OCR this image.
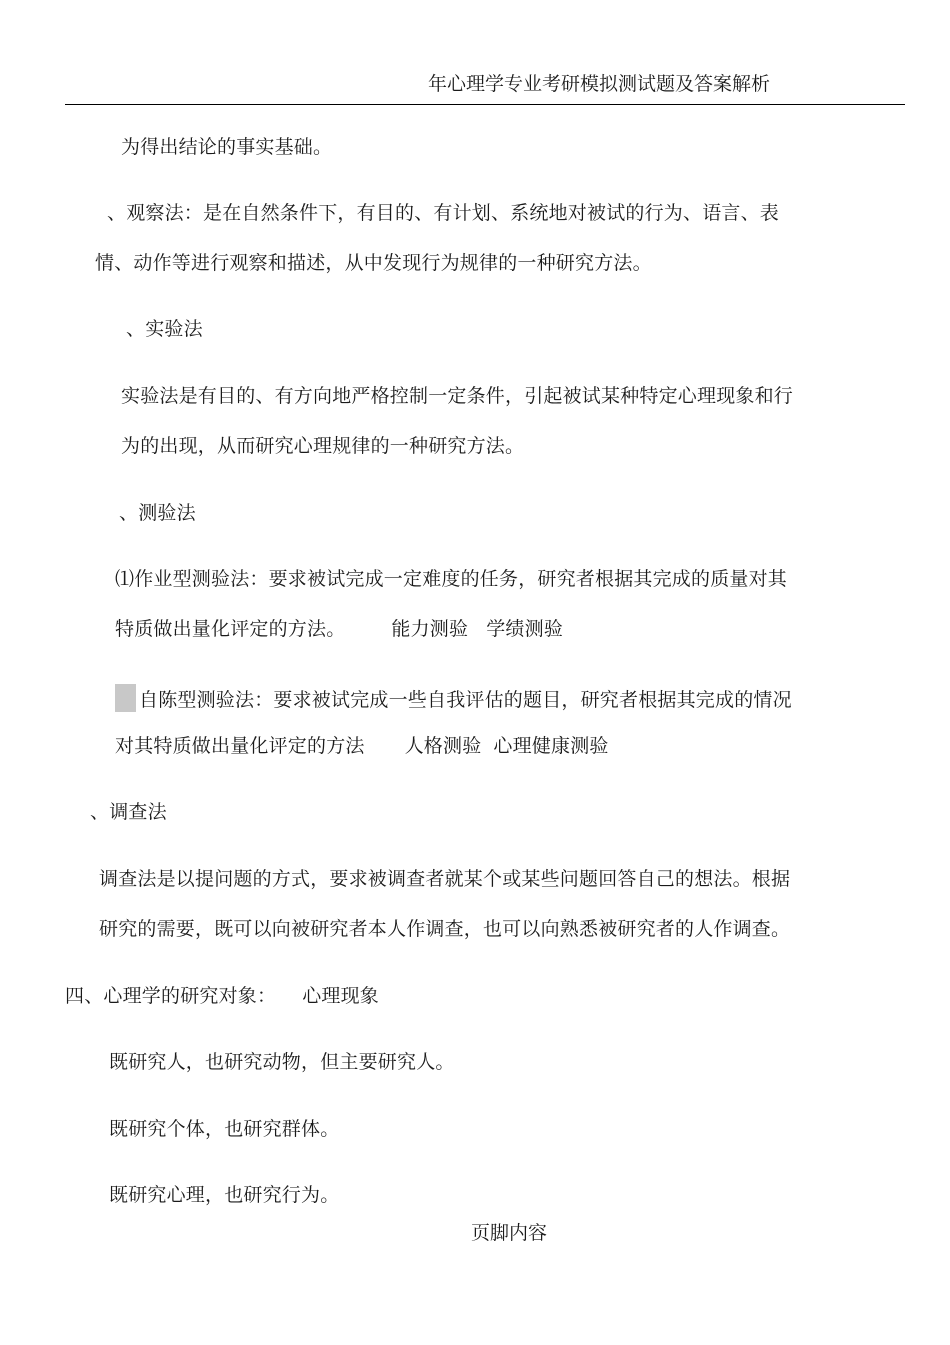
年心理学专业考研模拟测试题及答案解析
为得出结论的事实基础。
、观察法：是在自然条件下，有目的、有计划、系统地对被试的行为、语言、表
情、动作等进行观察和描述，从中发现行为规律的一种研究方法。
、实验法
实验法是有目的、有方向地严格控制一定条件，引起被试某种特定心理现象和行
为的出现，从而研究心理规律的一种研究方法。
、测验法
⑴作业型测验法：要求被试完成一定难度的任务，研究者根据其完成的质量对其
特质做出量化评定的方法。 能力测验 学绩测验
自陈型测验法：要求被试完成一些自我评估的题目，研究者根据其完成的情况
对其特质做出量化评定的方法 人格测验 心理健康测验
、调查法
调查法是以提问题的方式，要求被调查者就某个或某些问题回答自己的想法。根据
研究的需要，既可以向被研究者本人作调查，也可以向熟悉被研究者的人作调查。
四、心理学的研究对象： 心理现象
既研究人，也研究动物，但主要研究人。
既研究个体，也研究群体。
既研究心理，也研究行为。
页脚内容
